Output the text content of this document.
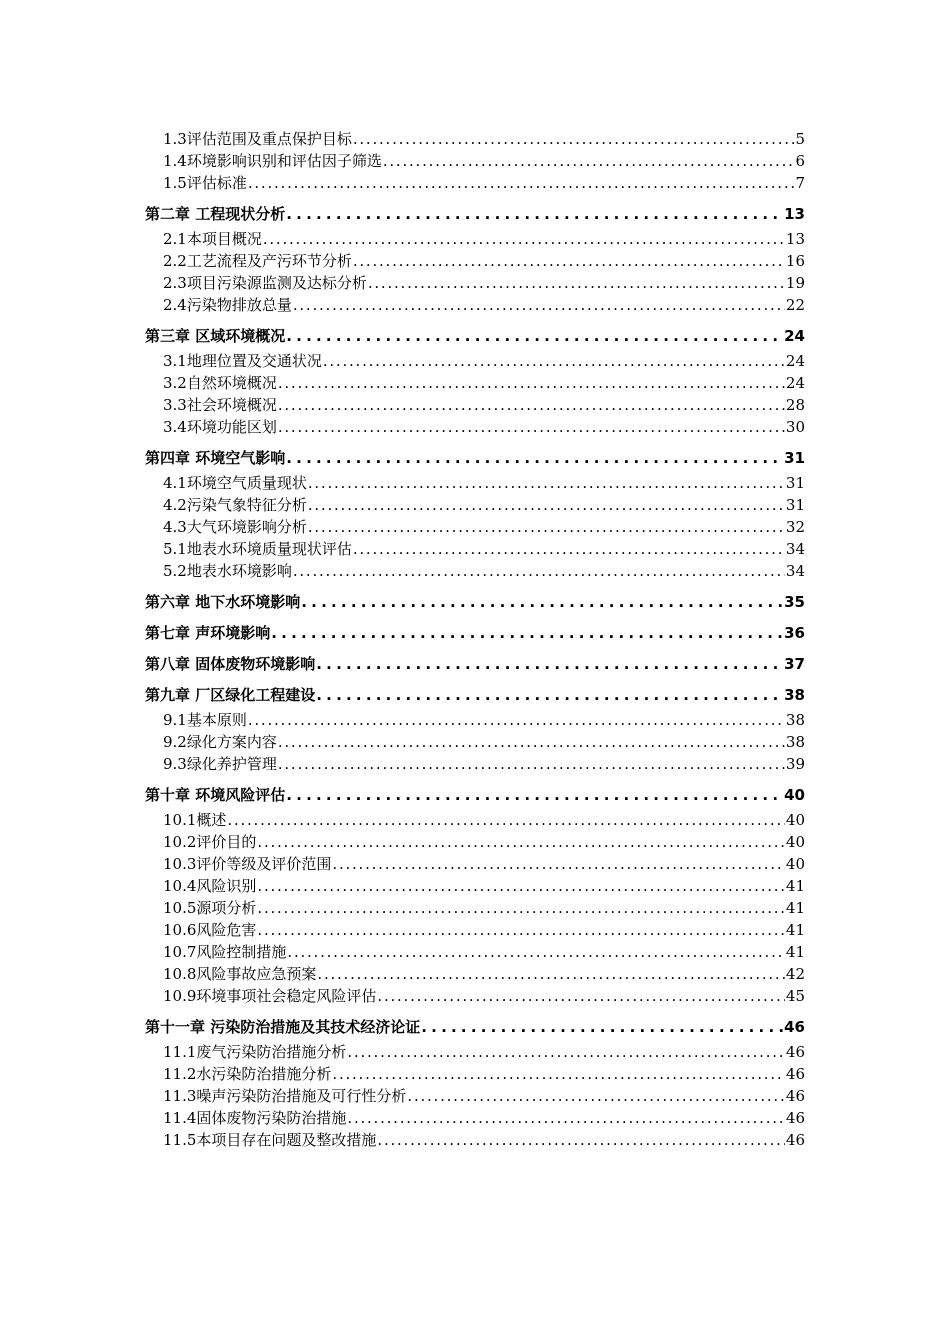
1.3评估范围及重点保护目标 . . .	5
1.4环境影响识别和评估因子筛选 . . .	6
1.5评估标准 . . .	7
第二章 工程现状分析 . . .	13
2.1本项目概况 . . .	13
2.2工艺流程及产污环节分析 . . .	16
2.3项目污染源监测及达标分析 . . .	19
2.4污染物排放总量 . . .	22
第三章 区域环境概况 . . .	24
3.1地理位置及交通状况 . . .	24
3.2自然环境概况 . . .	24
3.3社会环境概况 . . .	28
3.4环境功能区划 . . .	30
第四章 环境空气影响 . . .	31
4.1环境空气质量现状 . . .	31
4.2污染气象特征分析 . . .	31
4.3大气环境影响分析 . . .	32
5.1地表水环境质量现状评估 . . .	34
5.2地表水环境影响 . . .	34
第六章 地下水环境影响 . . .	35
第七章 声环境影响 . . .	36
第八章 固体废物环境影响 . . .	37
第九章 厂区绿化工程建设 . . .	38
9.1基本原则 . . .	38
9.2绿化方案内容 . . .	38
9.3绿化养护管理 . . .	39
第十章 环境风险评估 . . .	40
10.1概述 . . .	40
10.2评价目的 . . .	40
10.3评价等级及评价范围 . . .	40
10.4风险识别 . . .	41
10.5源项分析 . . .	41
10.6风险危害 . . .	41
10.7风险控制措施 . . .	41
10.8风险事故应急预案 . . .	42
10.9环境事项社会稳定风险评估 . . .	45
第十一章 污染防治措施及其技术经济论证 . . .	46
11.1废气污染防治措施分析 . . .	46
11.2水污染防治措施分析 . . .	46
11.3噪声污染防治措施及可行性分析 . . .	46
11.4固体废物污染防治措施 . . .	46
11.5本项目存在问题及整改措施 . . .	46
